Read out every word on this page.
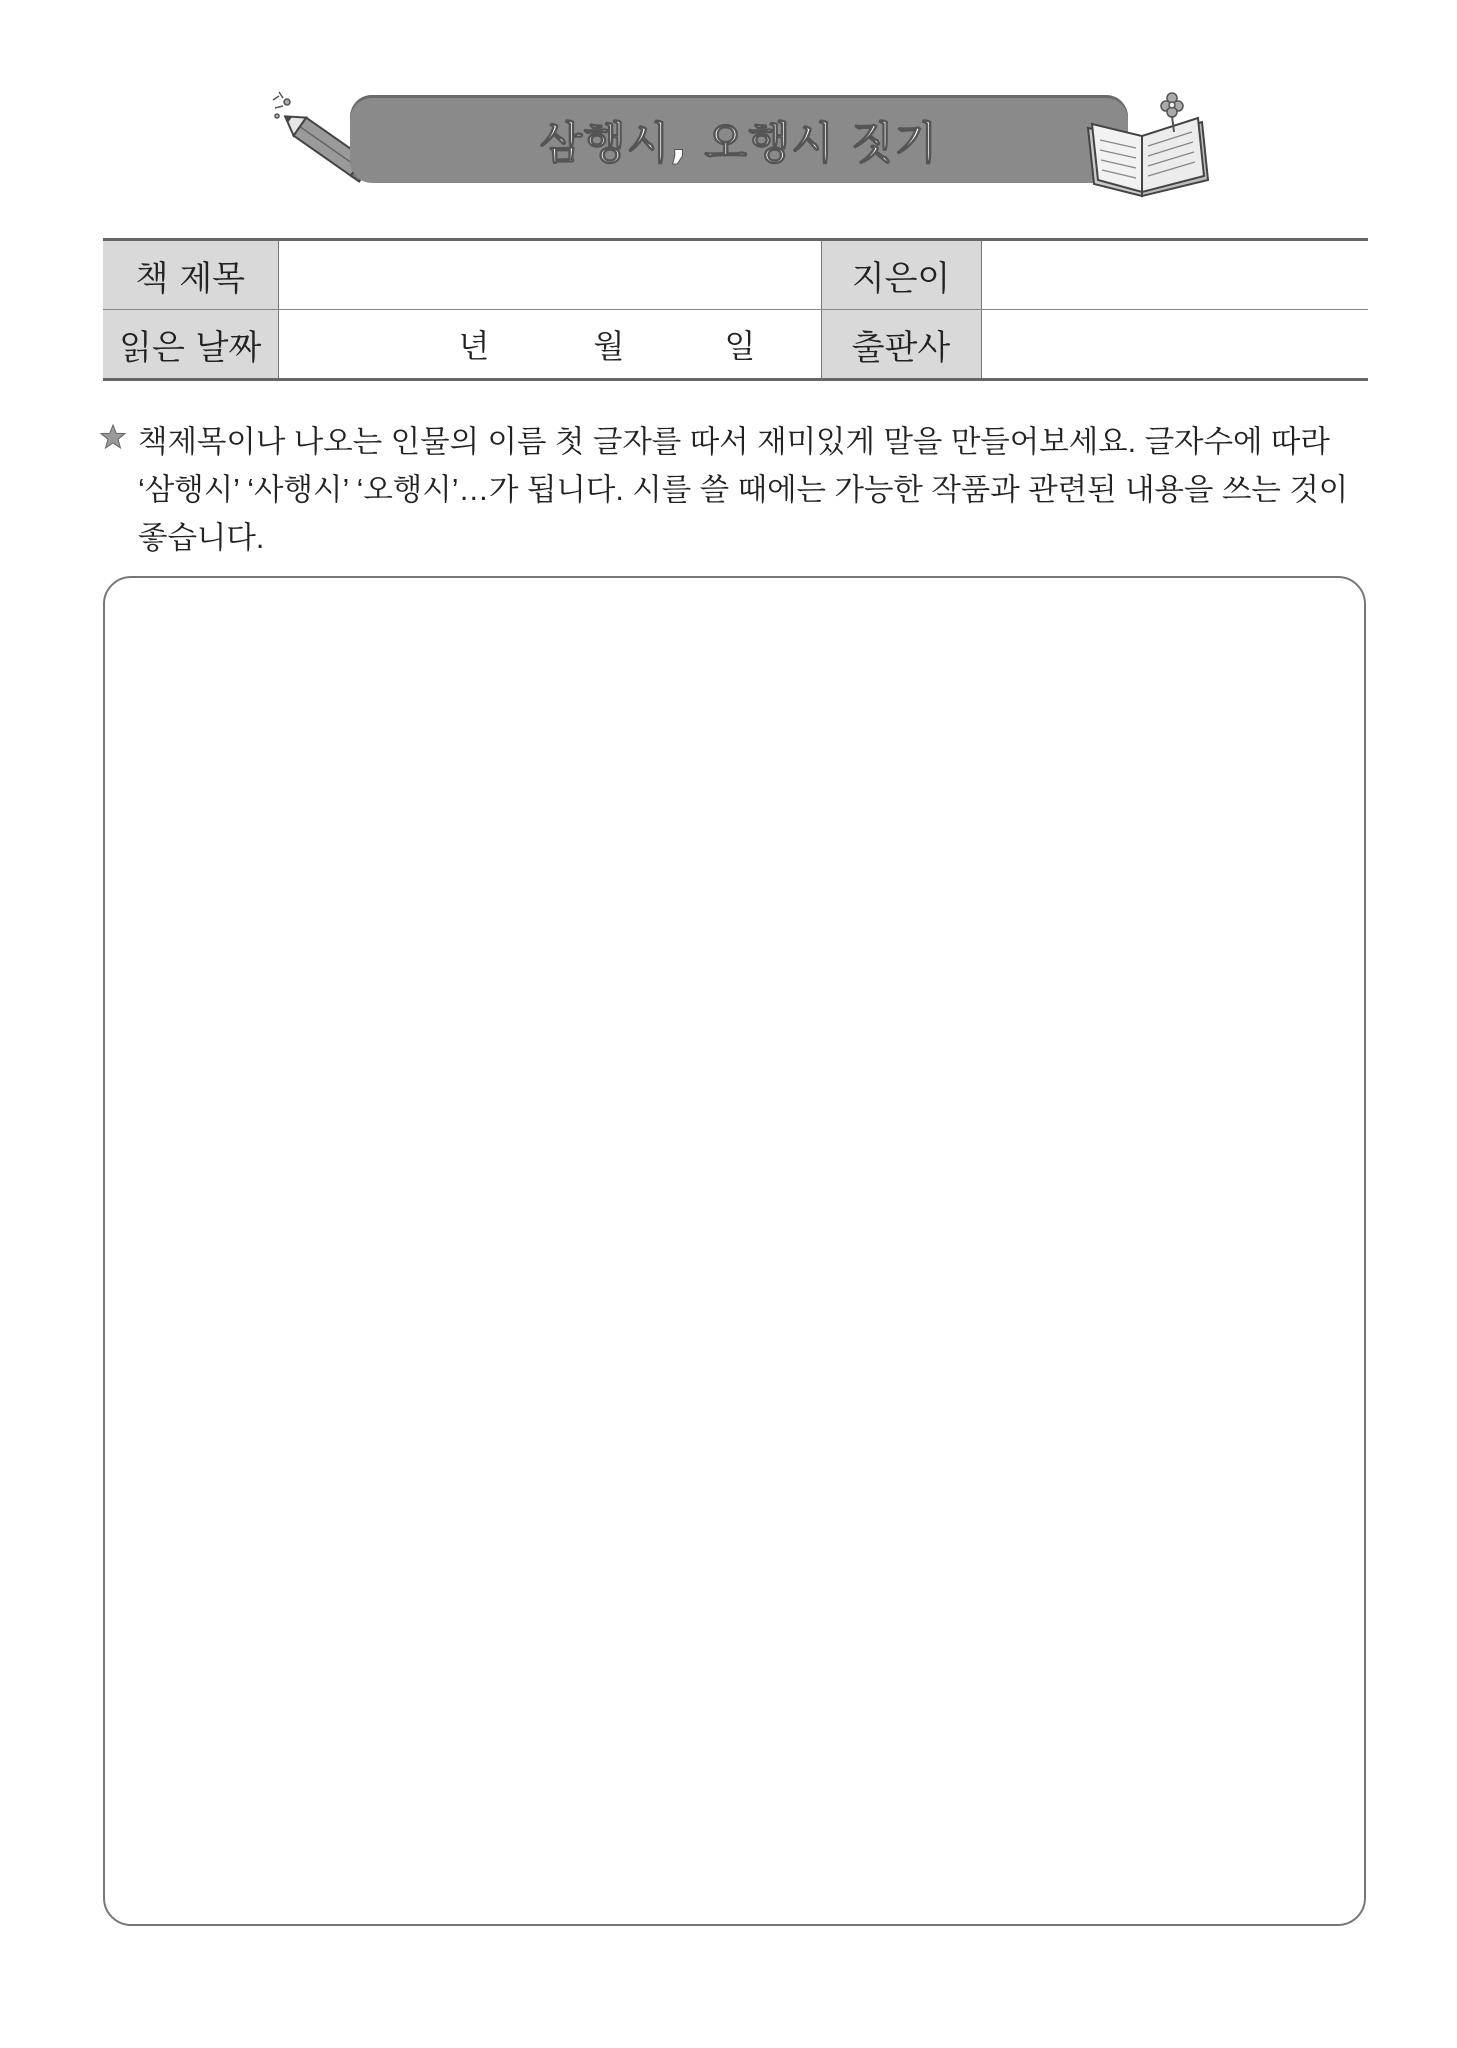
삼행시, 오행시 짓기
책 제목		지은이	
읽은 날짜	년 월 일	출판사	
책제목이나 나오는 인물의 이름 첫 글자를 따서 재미있게 말을 만들어보세요. 글자수에 따라
‘삼행시’ ‘사행시’ ‘오행시’…가 됩니다. 시를 쓸 때에는 가능한 작품과 관련된 내용을 쓰는 것이
좋습니다.
